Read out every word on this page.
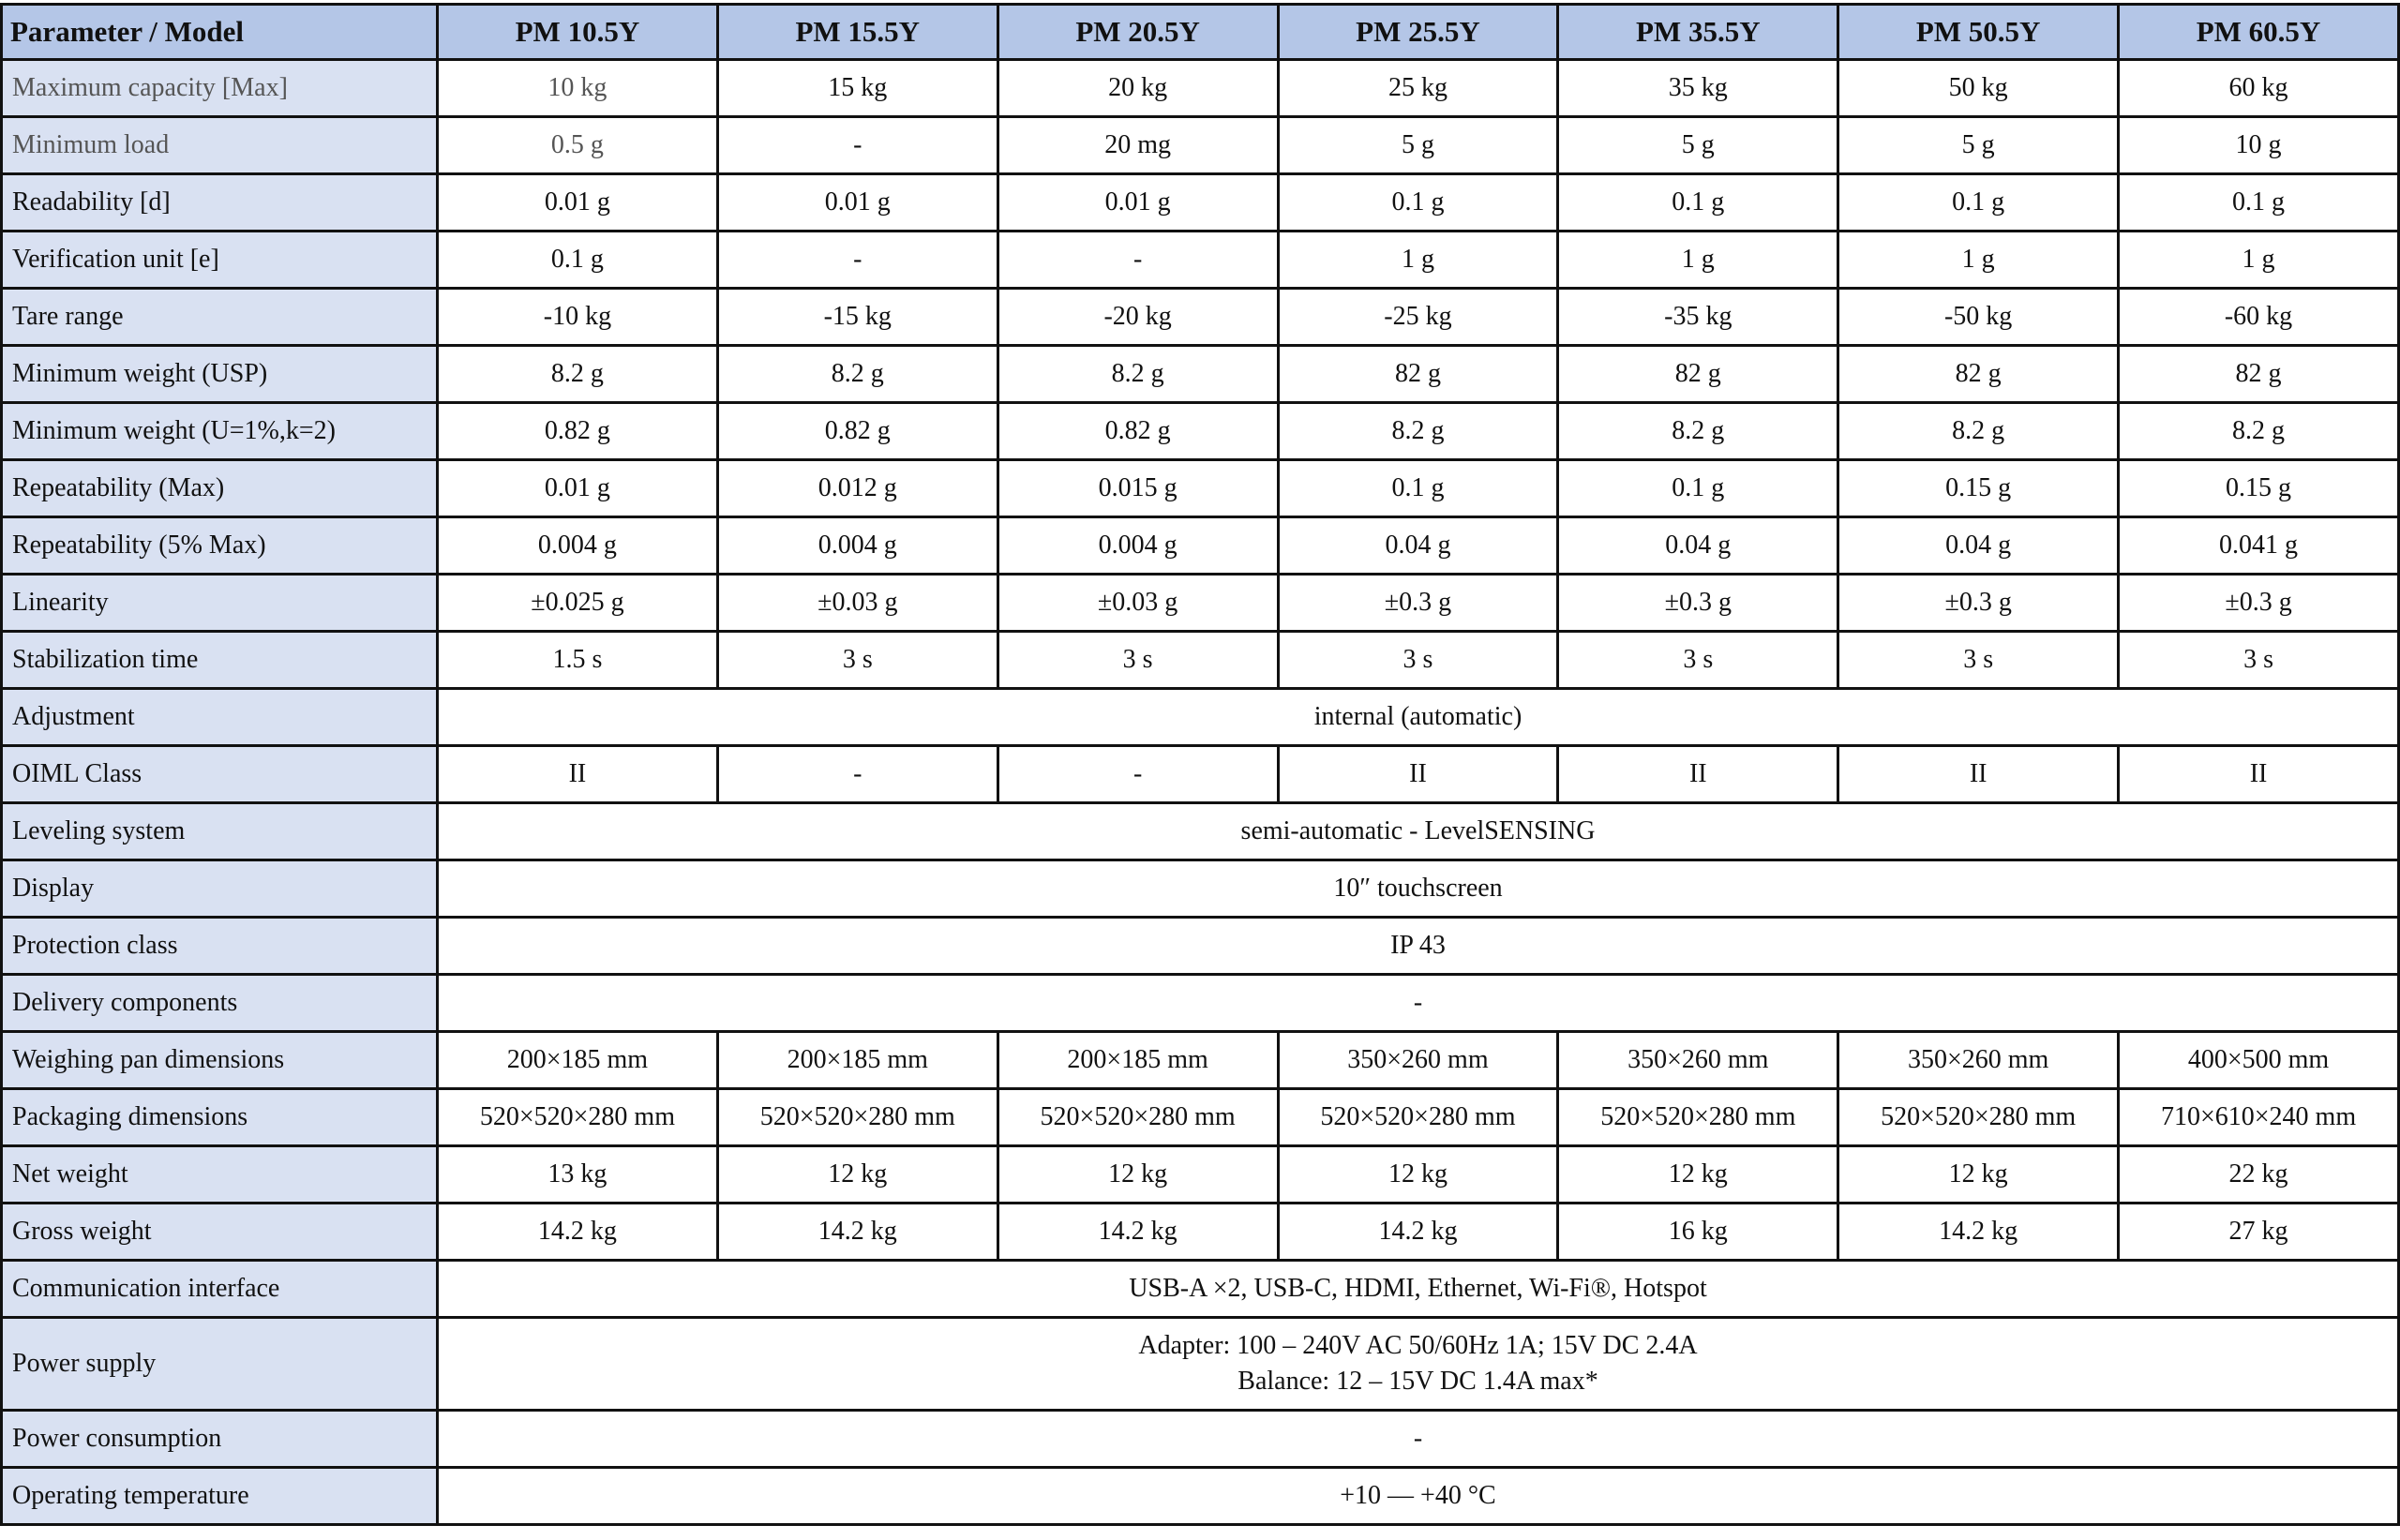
Parameter / Model	PM 10.5Y	PM 15.5Y	PM 20.5Y	PM 25.5Y	PM 35.5Y	PM 50.5Y	PM 60.5Y
Maximum capacity [Max]	10 kg	15 kg	20 kg	25 kg	35 kg	50 kg	60 kg
Minimum load	0.5 g	-	20 mg	5 g	5 g	5 g	10 g
Readability [d]	0.01 g	0.01 g	0.01 g	0.1 g	0.1 g	0.1 g	0.1 g
Verification unit [e]	0.1 g	-	-	1 g	1 g	1 g	1 g
Tare range	-10 kg	-15 kg	-20 kg	-25 kg	-35 kg	-50 kg	-60 kg
Minimum weight (USP)	8.2 g	8.2 g	8.2 g	82 g	82 g	82 g	82 g
Minimum weight (U=1%,k=2)	0.82 g	0.82 g	0.82 g	8.2 g	8.2 g	8.2 g	8.2 g
Repeatability (Max)	0.01 g	0.012 g	0.015 g	0.1 g	0.1 g	0.15 g	0.15 g
Repeatability (5% Max)	0.004 g	0.004 g	0.004 g	0.04 g	0.04 g	0.04 g	0.041 g
Linearity	±0.025 g	±0.03 g	±0.03 g	±0.3 g	±0.3 g	±0.3 g	±0.3 g
Stabilization time	1.5 s	3 s	3 s	3 s	3 s	3 s	3 s
Adjustment	internal (automatic)						
OIML Class	II	-	-	II	II	II	II
Leveling system	semi-automatic - LevelSENSING						
Display	10″ touchscreen						
Protection class	IP 43						
Delivery components	-						
Weighing pan dimensions	200×185 mm	200×185 mm	200×185 mm	350×260 mm	350×260 mm	350×260 mm	400×500 mm
Packaging dimensions	520×520×280 mm	520×520×280 mm	520×520×280 mm	520×520×280 mm	520×520×280 mm	520×520×280 mm	710×610×240 mm
Net weight	13 kg	12 kg	12 kg	12 kg	12 kg	12 kg	22 kg
Gross weight	14.2 kg	14.2 kg	14.2 kg	14.2 kg	16 kg	14.2 kg	27 kg
Communication interface	USB-A ×2, USB-C, HDMI, Ethernet, Wi-Fi®, Hotspot						
Power supply	Adapter: 100 – 240V AC 50/60Hz 1A; 15V DC 2.4A
Balance: 12 – 15V DC 1.4A max*						

Power consumption	-						
Operating temperature	+10 — +40 °C						
